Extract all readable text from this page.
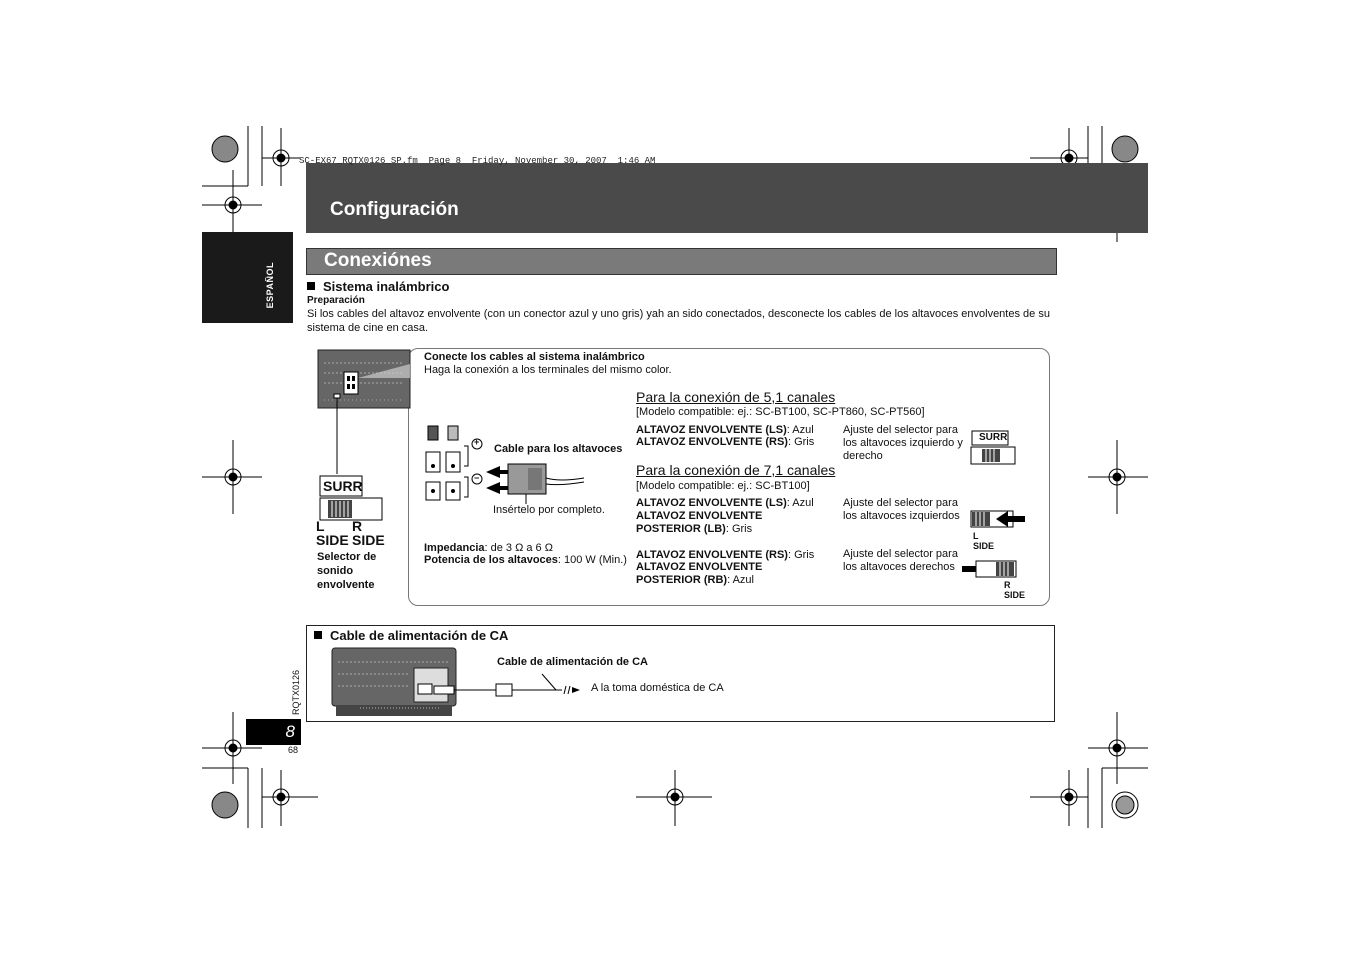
SC-EX67_RQTX0126_SP.fm  Page 8  Friday, November 30, 2007  1:46 AM
Configuración
ESPAÑOL
Conexiónes
Sistema inalámbrico
Preparación
Si los cables del altavoz envolvente (con un conector azul y uno gris) yah an sido conectados, desconecte los cables de los altavoces envolventes de su
sistema de cine en casa.
SURR
L
SIDE
R
SIDE
Selector de
sonido
envolvente
Conecte los cables al sistema inalámbrico
Haga la conexión a los terminales del mismo color.
+
−
Cable para los altavoces
Insértelo por completo.
Impedancia: de 3 Ω a 6 Ω
Potencia de los altavoces: 100 W (Min.)
Para la conexión de 5,1 canales
[Modelo compatible: ej.: SC-BT100, SC-PT860, SC-PT560]
ALTAVOZ ENVOLVENTE (LS): Azul
ALTAVOZ ENVOLVENTE (RS): Gris
Ajuste del selector para
los altavoces izquierdo y
derecho
SURR
Para la conexión de 7,1 canales
[Modelo compatible: ej.: SC-BT100]
ALTAVOZ ENVOLVENTE (LS): Azul
ALTAVOZ ENVOLVENTE
POSTERIOR (LB): Gris
Ajuste del selector para
los altavoces izquierdos
L
SIDE
ALTAVOZ ENVOLVENTE (RS): Gris
ALTAVOZ ENVOLVENTE
POSTERIOR (RB): Azul
Ajuste del selector para
los altavoces derechos
R
SIDE
Cable de alimentación de CA
Cable de alimentación de CA
A la toma doméstica de CA
RQTX0126
8
68
